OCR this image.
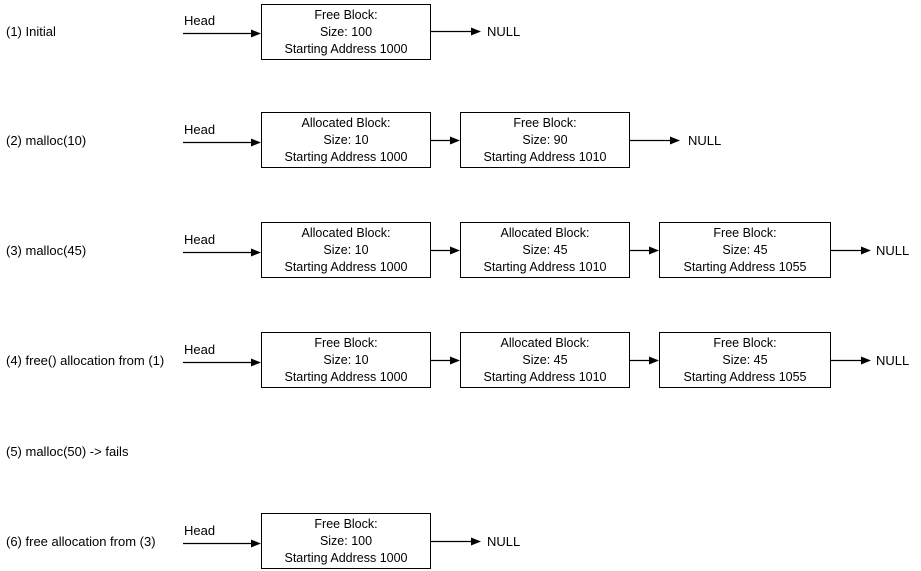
(1) Initial
Head	Free Block:
Size: 100
Starting Address 1000
NULL
(2) malloc(10)
Head	Allocated Block:
Size: 10
Starting Address 1000
Free Block:
Size: 90
Starting Address 1010
NULL
(3) malloc(45)
Head	Allocated Block:
Size: 10
Starting Address 1000
Allocated Block:
Size: 45
Starting Address 1010
Free Block:
Size: 45
Starting Address 1055
NULL
(4) free() allocation from (1)
Head	Free Block:
Size: 10
Starting Address 1000
Allocated Block:
Size: 45
Starting Address 1010
Free Block:
Size: 45
Starting Address 1055
NULL
(5) malloc(50) -> fails
(6) free allocation from (3)
Head	Free Block:
Size: 100
Starting Address 1000
NULL
